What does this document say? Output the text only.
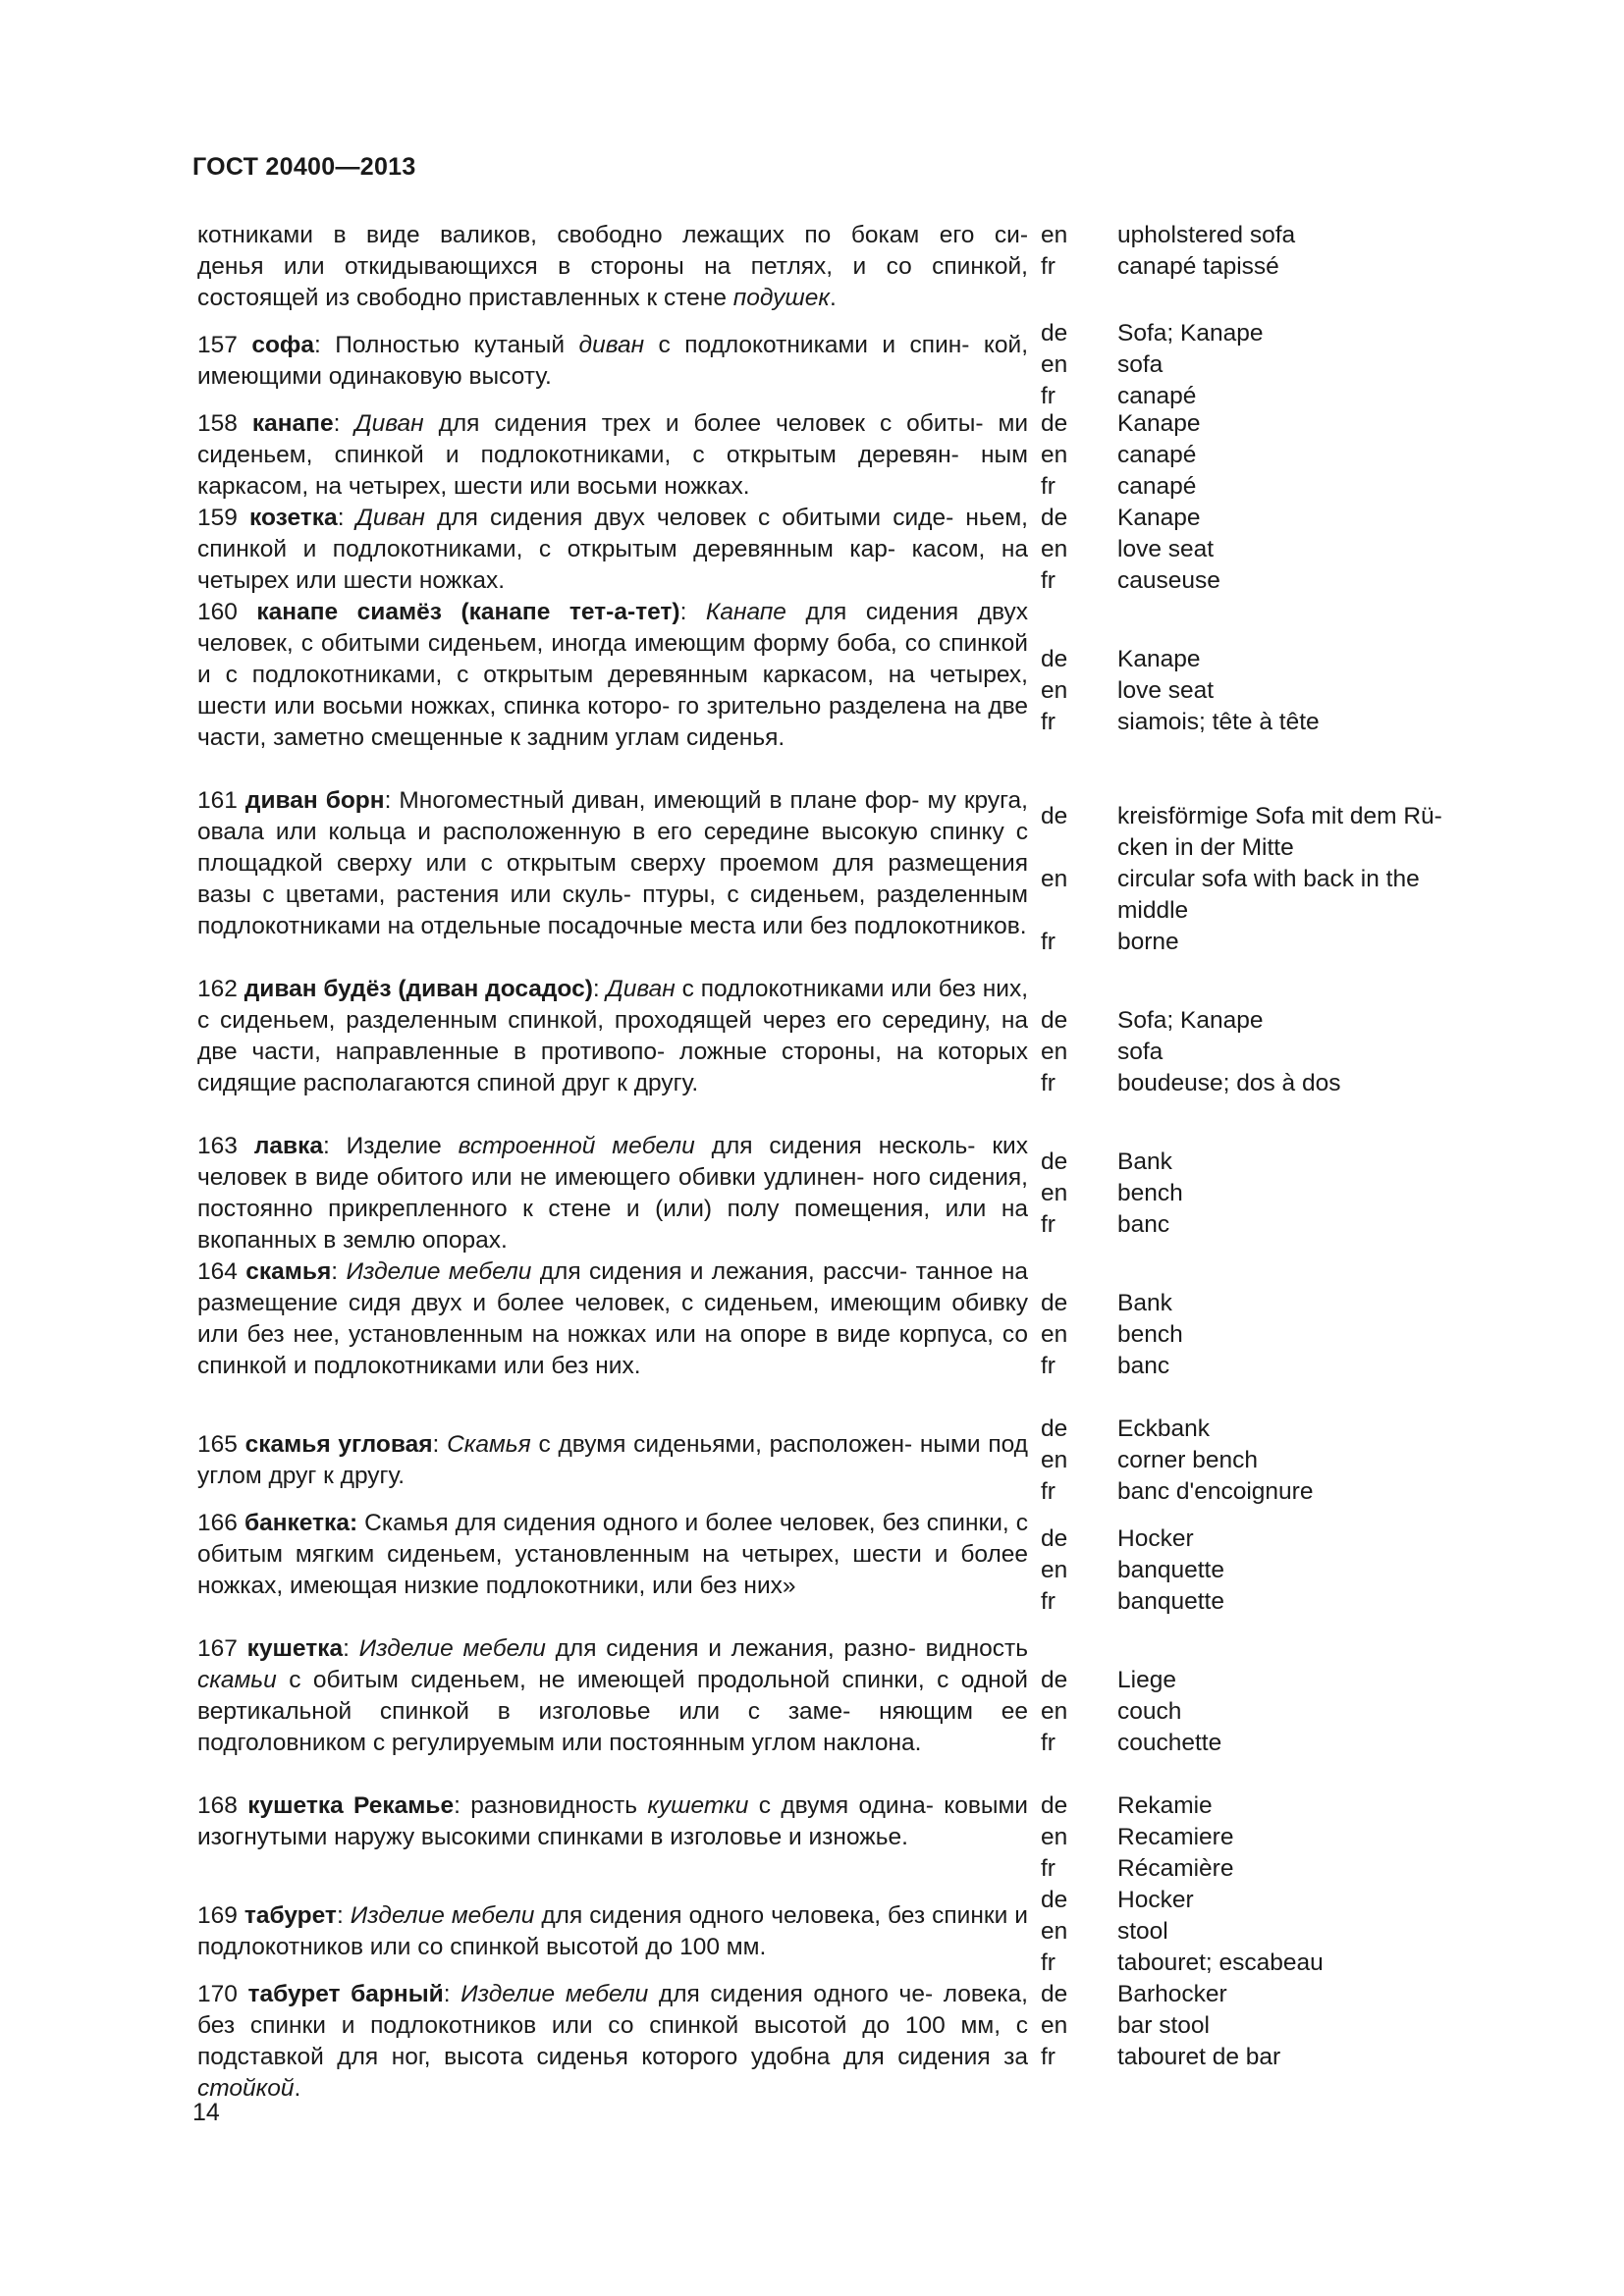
ГОСТ 20400—2013
котниками в виде валиков, свободно лежащих по бокам его си-
денья или откидывающихся в стороны на петлях, и со спинкой,
состоящей из свободно приставленных к стене подушек.
en
fr
upholstered sofa
canapé tapissé

157 софа: Полностью кутаный диван с подлокотниками и спин- кой, имеющими одинаковую высоту.

de
en
fr
Sofa; Kanape
sofa
canapé

158 канапе: Диван для сидения трех и более человек с обиты- ми сиденьем, спинкой и подлокотниками, с открытым деревян- ным каркасом, на четырех, шести или восьми ножках.

de
en
fr
Kanape
canapé
canapé

159 козетка: Диван для сидения двух человек с обитыми сиде- ньем, спинкой и подлокотниками, с открытым деревянным кар- касом, на четырех или шести ножках.

de
en
fr
Kanape
love seat
causeuse

160 канапе сиамёз (канапе тет-а-тет): Канапе для сидения двух человек, с обитыми сиденьем, иногда имеющим форму боба, со спинкой и с подлокотниками, с открытым деревянным каркасом, на четырех, шести или восьми ножках, спинка которо- го зрительно разделена на две части, заметно смещенные к задним углам сиденья.

de
en
fr
Kanape
love seat
siamois; tête à tête

161 диван борн: Многоместный диван, имеющий в плане фор- му круга, овала или кольца и расположенную в его середине высокую спинку с площадкой сверху или с открытым сверху проемом для размещения вазы с цветами, растения или скуль- птуры, с сиденьем, разделенным подлокотниками на отдельные посадочные места или без подлокотников.

de
en
fr
kreisförmige Sofa mit dem Rü- cken in der Mitte
circular sofa with back in the middle
borne

162 диван будёз (диван досадос): Диван с подлокотниками или без них, с сиденьем, разделенным спинкой, проходящей через его середину, на две части, направленные в противопо- ложные стороны, на которых сидящие располагаются спиной друг к другу.

de
en
fr
Sofa; Kanape
sofa
boudeuse; dos à dos

163 лавка: Изделие встроенной мебели для сидения несколь- ких человек в виде обитого или не имеющего обивки удлинен- ного сидения, постоянно прикрепленного к стене и (или) полу помещения, или на вкопанных в землю опорах.

de
en
fr
Bank
bench
banc

164 скамья: Изделие мебели для сидения и лежания, рассчи- танное на размещение сидя двух и более человек, с сиденьем, имеющим обивку или без нее, установленным на ножках или на опоре в виде корпуса, со спинкой и подлокотниками или без них.

de
en
fr
Bank
bench
banc

165 скамья угловая: Скамья с двумя сиденьями, расположен- ными под углом друг к другу.

de
en
fr
Eckbank
corner bench
banc d'encoignure

166 банкетка: Скамья для сидения одного и более человек, без спинки, с обитым мягким сиденьем, установленным на четырех, шести и более ножках, имеющая низкие подлокотники, или без них»

de
en
fr
Hocker
banquette
banquette

167 кушетка: Изделие мебели для сидения и лежания, разно- видность скамьи с обитым сиденьем, не имеющей продольной спинки, с одной вертикальной спинкой в изголовье или с заме- няющим ее подголовником с регулируемым или постоянным углом наклона.

de
en
fr
Liege
couch
couchette

168 кушетка Рекамье: разновидность кушетки с двумя одина- ковыми изогнутыми наружу высокими спинками в изголовье и изножье.

de
en
fr
Rekamie
Recamiere
Récamière

169 табурет: Изделие мебели для сидения одного человека, без спинки и подлокотников или со спинкой высотой до 100 мм.

de
en
fr
Hocker
stool
tabouret; escabeau

170 табурет барный: Изделие мебели для сидения одного че- ловека, без спинки и подлокотников или со спинкой высотой до 100 мм, с подставкой для ног, высота сиденья которого удобна для сидения за стойкой.

de
en
fr
Barhocker
bar stool
tabouret de bar
14
